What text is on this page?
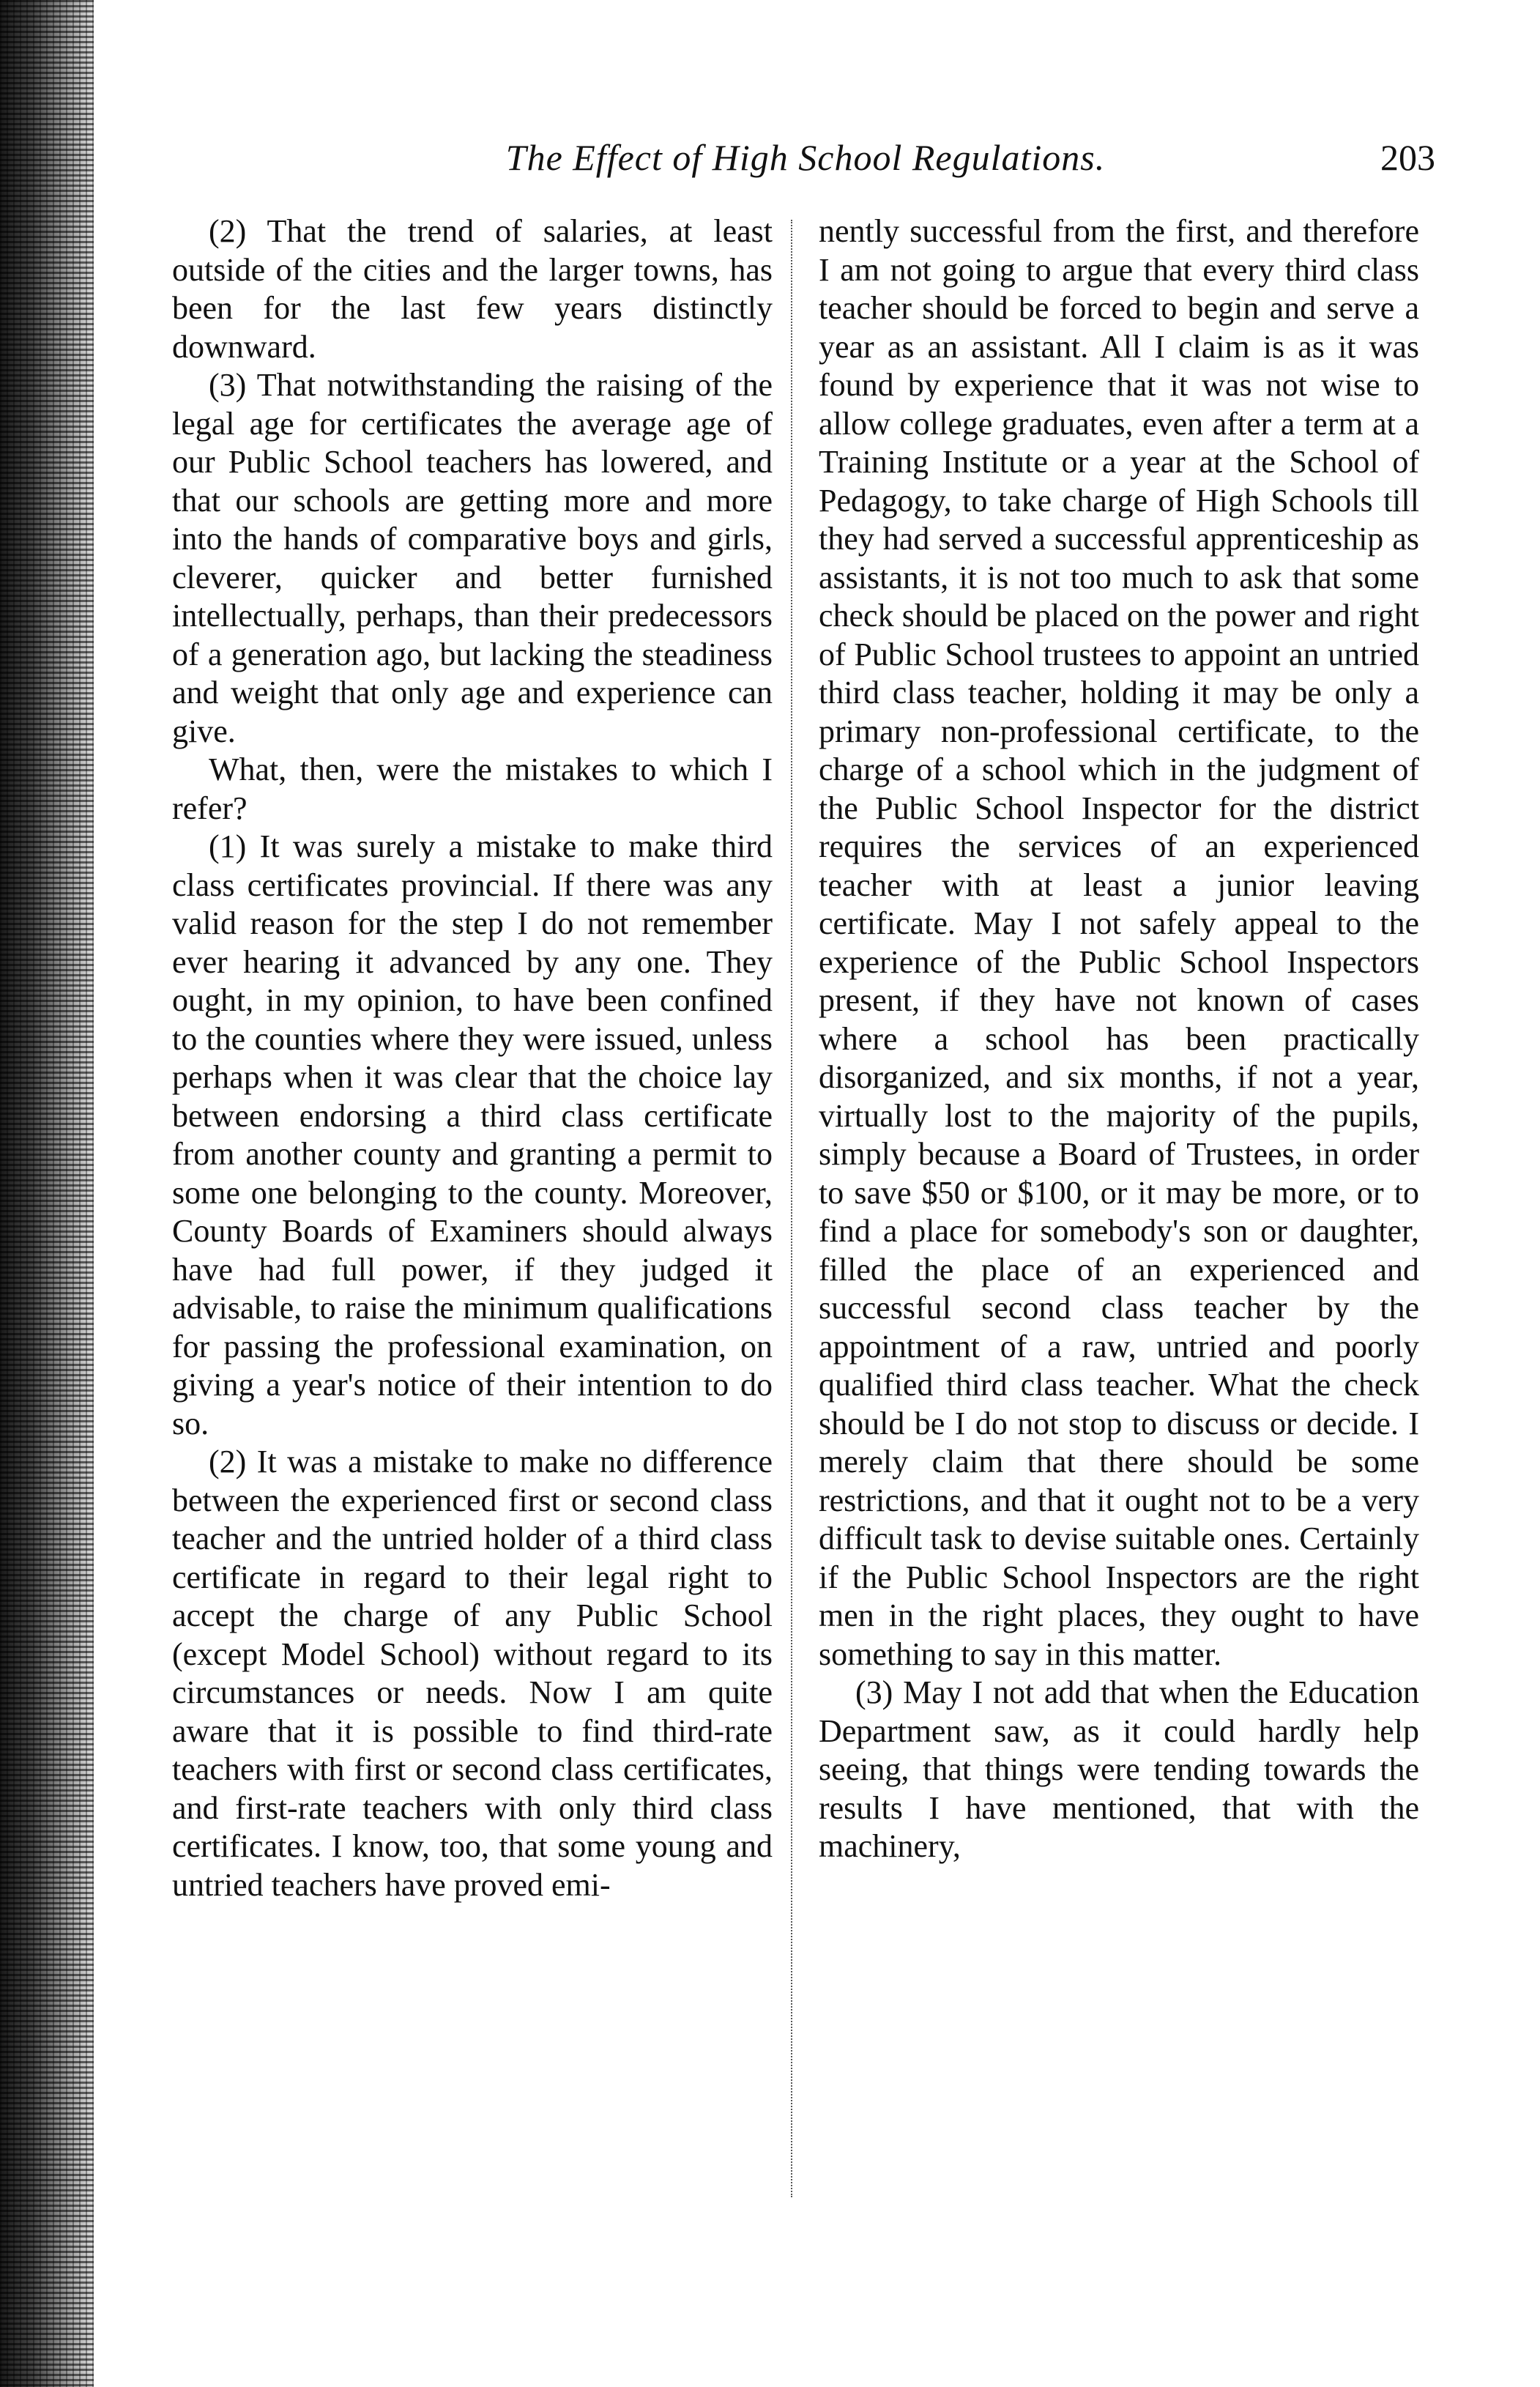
The Effect of High School Regulations.	203

(2) That the trend of salaries, at least outside of the cities and the larger towns, has been for the last few years distinctly downward.

(3) That notwithstanding the raising of the legal age for certificates the average age of our Public School teachers has lowered, and that our schools are getting more and more into the hands of comparative boys and girls, cleverer, quicker and better furnished intellectually, perhaps, than their predecessors of a generation ago, but lacking the steadiness and weight that only age and experience can give.

What, then, were the mistakes to which I refer?

(1) It was surely a mistake to make third class certificates provincial. If there was any valid reason for the step I do not remember ever hearing it advanced by any one. They ought, in my opinion, to have been confined to the counties where they were issued, unless perhaps when it was clear that the choice lay between endorsing a third class certificate from another county and granting a permit to some one belonging to the county. Moreover, County Boards of Examiners should always have had full power, if they judged it advisable, to raise the minimum qualifications for passing the professional examination, on giving a year's notice of their intention to do so.

(2) It was a mistake to make no difference between the experienced first or second class teacher and the untried holder of a third class certificate in regard to their legal right to accept the charge of any Public School (except Model School) without regard to its circumstances or needs. Now I am quite aware that it is possible to find third-rate teachers with first or second class certificates, and first-rate teachers with only third class certificates. I know, too, that some young and untried teachers have proved emi-

nently successful from the first, and therefore I am not going to argue that every third class teacher should be forced to begin and serve a year as an assistant. All I claim is as it was found by experience that it was not wise to allow college graduates, even after a term at a Training Institute or a year at the School of Pedagogy, to take charge of High Schools till they had served a successful apprenticeship as assistants, it is not too much to ask that some check should be placed on the power and right of Public School trustees to appoint an untried third class teacher, holding it may be only a primary non-professional certificate, to the charge of a school which in the judgment of the Public School Inspector for the district requires the services of an experienced teacher with at least a junior leaving certificate. May I not safely appeal to the experience of the Public School Inspectors present, if they have not known of cases where a school has been practically disorganized, and six months, if not a year, virtually lost to the majority of the pupils, simply because a Board of Trustees, in order to save $50 or $100, or it may be more, or to find a place for somebody's son or daughter, filled the place of an experienced and successful second class teacher by the appointment of a raw, untried and poorly qualified third class teacher. What the check should be I do not stop to discuss or decide. I merely claim that there should be some restrictions, and that it ought not to be a very difficult task to devise suitable ones. Certainly if the Public School Inspectors are the right men in the right places, they ought to have something to say in this matter.

(3) May I not add that when the Education Department saw, as it could hardly help seeing, that things were tending towards the results I have mentioned, that with the machinery,
